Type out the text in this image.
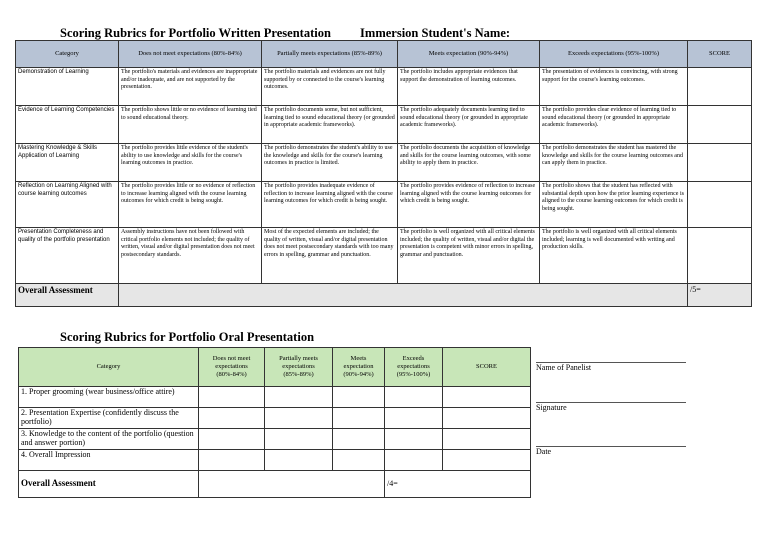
Scoring Rubrics for Portfolio Written Presentation Immersion Student's Name:
Category	Does not meet expectations (80%-84%)	Partially meets expectations (85%-89%)	Meets expectation (90%-94%)	Exceeds expectations (95%-100%)	SCORE
Demonstration of Learning	The portfolio's materials and evidences are inappropriate and/or inadequate, and are not supported by the presentation.	The portfolio materials and evidences are not fully supported by or connected to the course's learning outcomes.	The portfolio includes appropriate evidences that support the demonstration of learning outcomes.	The presentation of evidences is convincing, with strong support for the course's learning outcomes.	
Evidence of Learning Competencies	The portfolio shows little or no evidence of learning tied to sound educational theory.	The portfolio documents some, but not sufficient, learning tied to sound educational theory (or grounded in appropriate academic frameworks).	The portfolio adequately documents learning tied to sound educational theory (or grounded in appropriate academic frameworks).	The portfolio provides clear evidence of learning tied to sound educational theory (or grounded in appropriate academic frameworks).	
Mastering Knowledge & Skills Application of Learning	The portfolio provides little evidence of the student's ability to use knowledge and skills for the course's learning outcomes in practice.	The portfolio demonstrates the student's ability to use the knowledge and skills for the course's learning outcomes in practice is limited.	The portfolio documents the acquisition of knowledge and skills for the course learning outcomes, with some ability to apply them in practice.	The portfolio demonstrates the student has mastered the knowledge and skills for the course learning outcomes and can apply them in practice.	
Reflection on Learning Aligned with course learning outcomes	The portfolio provides little or no evidence of reflection to increase learning aligned with the course learning outcomes for which credit is being sought.	The portfolio provides inadequate evidence of reflection to increase learning aligned with the course learning outcomes for which credit is being sought.	The portfolio provides evidence of reflection to increase learning aligned with the course learning outcomes for which credit is being sought.	The portfolio shows that the student has reflected with substantial depth upon how the prior learning experience is aligned to the course learning outcomes for which credit is being sought.	
Presentation Completeness and quality of the portfolio presentation	Assembly instructions have not been followed with critical portfolio elements not included; the quality of written, visual and/or digital presentation does not meet postsecondary standards.	Most of the expected elements are included; the quality of written, visual and/or digital presentation does not meet postsecondary standards with too many errors in spelling, grammar and punctuation.	The portfolio is well organized with all critical elements included; the quality of written, visual and/or digital the presentation is competent with minor errors in spelling, grammar and punctuation.	The portfolio is well organized with all critical elements included; learning is well documented with writing and production skills.	
Overall Assessment					/5=
Scoring Rubrics for Portfolio Oral Presentation
Category	Does not meet expectations (80%-84%)	Partially meets expectations (85%-89%)	Meets expectation (90%-94%)	Exceeds expectations (95%-100%)	SCORE
1. Proper grooming (wear business/office attire)					
2. Presentation Expertise (confidently discuss the portfolio)					
3. Knowledge to the content of the portfolio (question and answer portion)					
4. Overall Impression					
Overall Assessment				/4=	
Name of Panelist
Signature
Date
